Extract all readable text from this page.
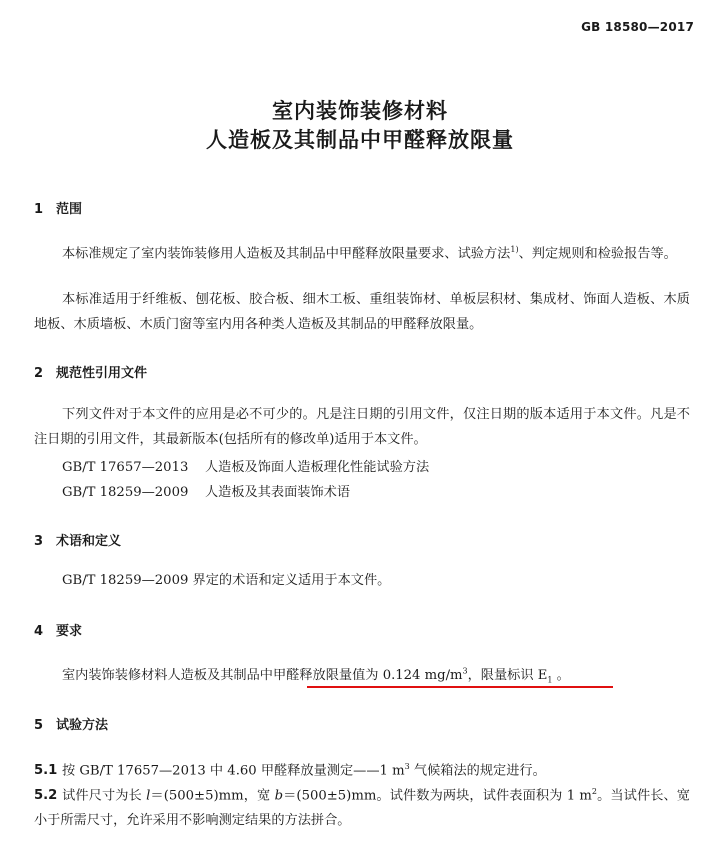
GB 18580—2017
室内装饰装修材料
人造板及其制品中甲醛释放限量
1 范围
本标准规定了室内装饰装修用人造板及其制品中甲醛释放限量要求、试验方法$^{1)}$、判定规则和检验报告等。
本标准适用于纤维板、刨花板、胶合板、细木工板、重组装饰材、单板层积材、集成材、饰面人造板、木质地板、木质墙板、木质门窗等室内用各种类人造板及其制品的甲醛释放限量。
2 规范性引用文件
下列文件对于本文件的应用是必不可少的。凡是注日期的引用文件，仅注日期的版本适用于本文件。凡是不注日期的引用文件，其最新版本(包括所有的修改单)适用于本文件。
GB/T 17657—2013 人造板及饰面人造板理化性能试验方法
GB/T 18259—2009 人造板及其表面装饰术语
3 术语和定义
GB/T 18259—2009 界定的术语和定义适用于本文件。
4 要求
室内装饰装修材料人造板及其制品中甲醛释放限量值为 0.124 $mg/m^3$，限量标识 $E_1$ 。
5 试验方法
5.1 按 GB/T 17657—2013 中 4.60 甲醛释放量测定——1 $m^3$ 气候箱法的规定进行。
5.2 试件尺寸为长 l＝(500±5)mm，宽 b＝(500±5)mm。试件数为两块，试件表面积为 1 $m^2$。当试件长、宽小于所需尺寸，允许采用不影响测定结果的方法拼合。
